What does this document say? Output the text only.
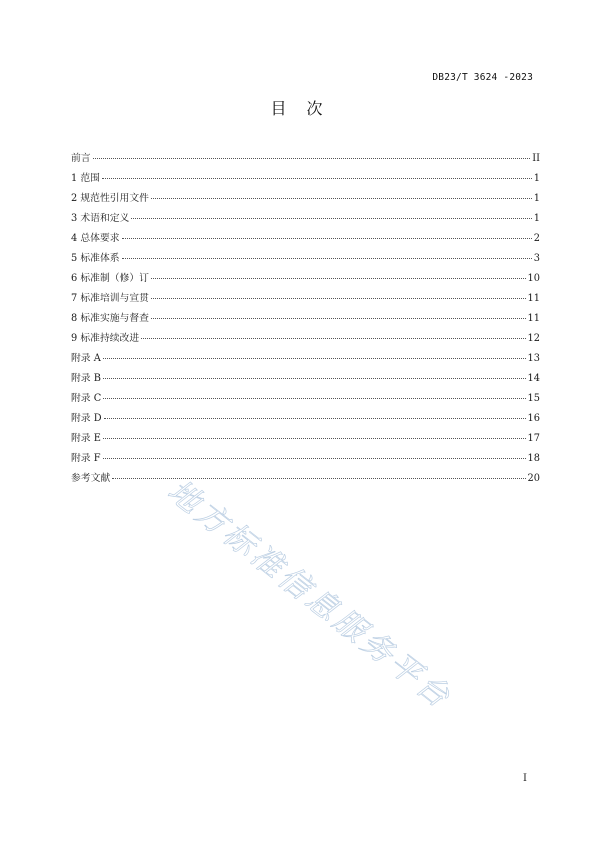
DB23/T 3624 -2023
目　次
前言	II
1 范围	1
2 规范性引用文件	1
3 术语和定义	1
4 总体要求	2
5 标准体系	3
6 标准制（修）订	10
7 标准培训与宣贯	11
8 标准实施与督查	11
9 标准持续改进	12
附录 A	13
附录 B	14
附录 C	15
附录 D	16
附录 E	17
附录 F	18
参考文献	20
地方标准信息服务平台
I
